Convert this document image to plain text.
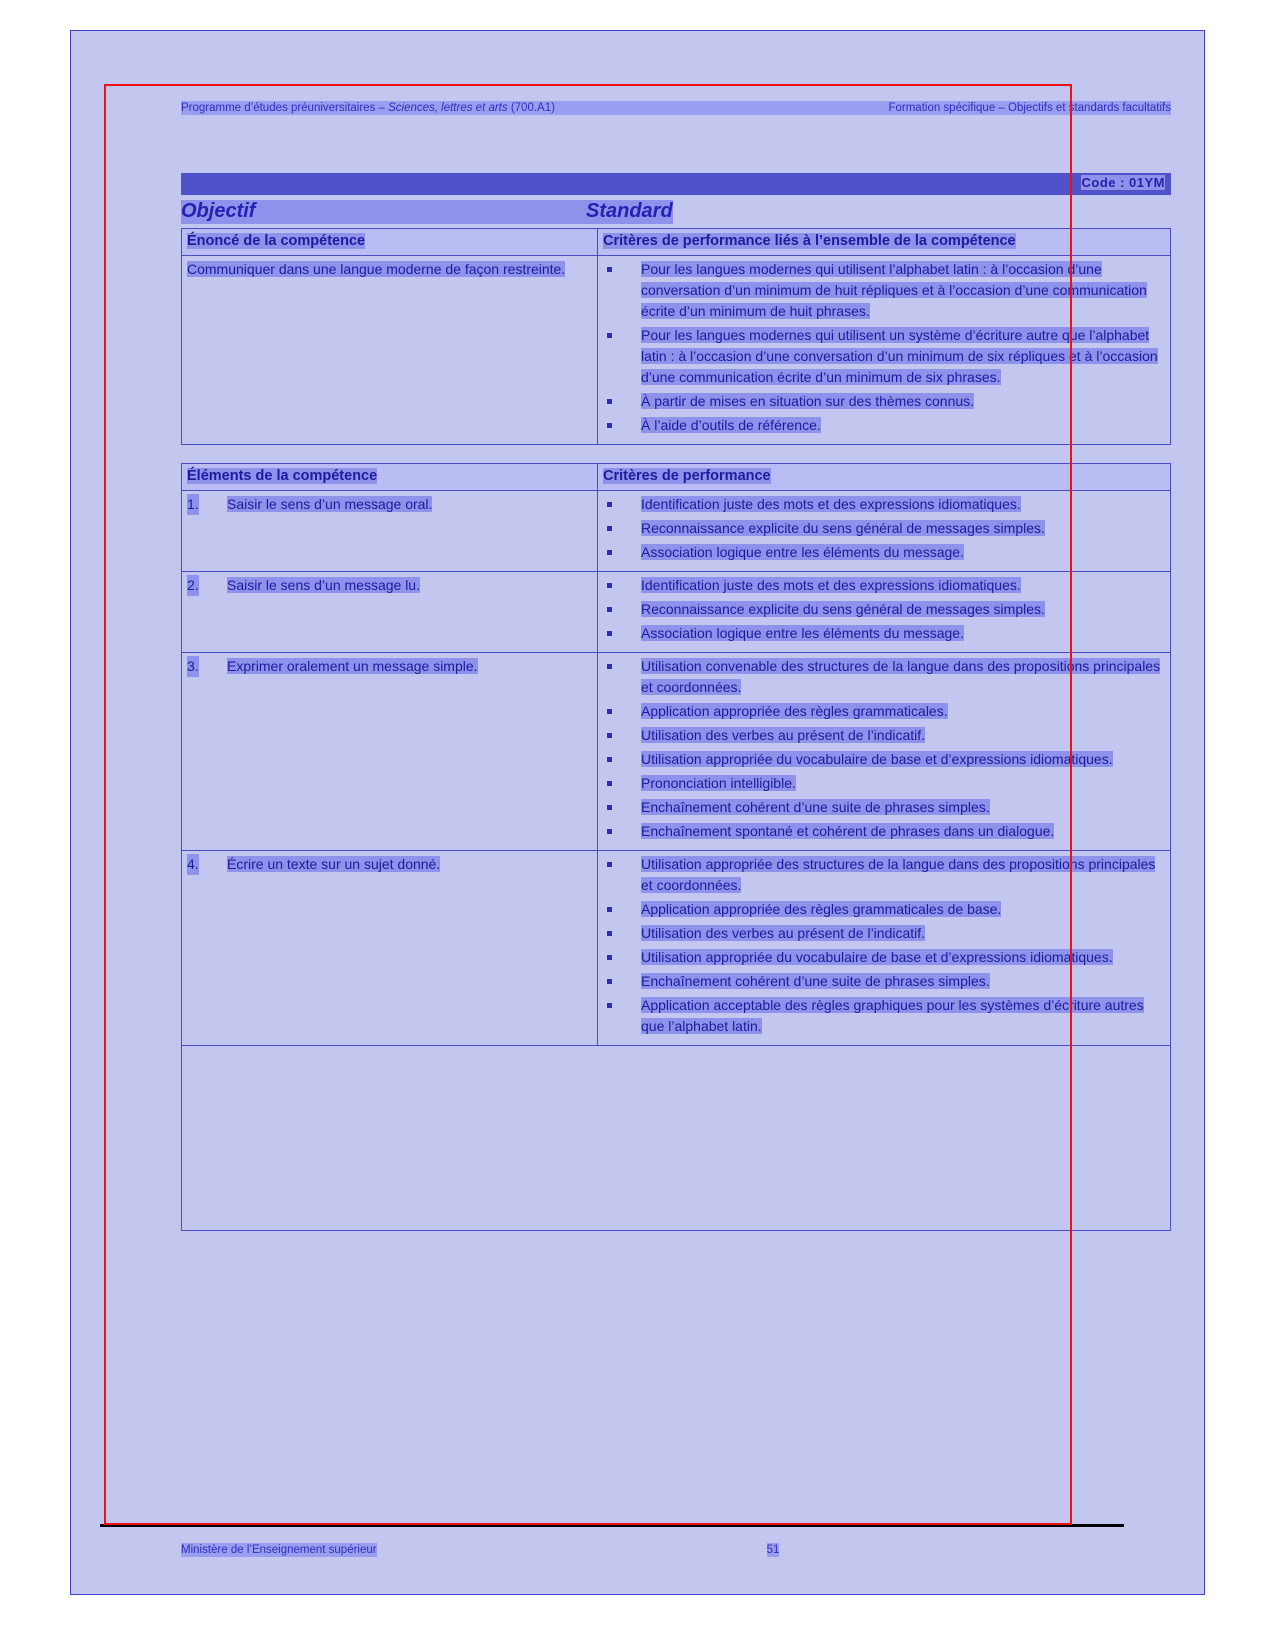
Programme d’études préuniversitaires – Sciences, lettres et arts (700.A1)	Formation spécifique – Objectifs et standards facultatifs
Code : 01YM
Objectif	Standard
Énoncé de la compétence	Critères de performance liés à l’ensemble de la compétence

Communiquer dans une langue moderne de façon restreinte.	Pour les langues modernes qui utilisent l’alphabet latin : à l’occasion d’une conversation d’un minimum de huit répliques et à l’occasion d’une communication écrite d’un minimum de huit phrases.
Pour les langues modernes qui utilisent un système d’écriture autre que l’alphabet latin : à l’occasion d’une conversation d’un minimum de six répliques et à l’occasion d’une communication écrite d’un minimum de six phrases.
À partir de mises en situation sur des thèmes connus.
À l’aide d’outils de référence.
Éléments de la compétence	Critères de performance

1. Saisir le sens d’un message oral.	Identification juste des mots et des expressions idiomatiques.
Reconnaissance explicite du sens général de messages simples.
Association logique entre les éléments du message.

2. Saisir le sens d’un message lu.	Identification juste des mots et des expressions idiomatiques.
Reconnaissance explicite du sens général de messages simples.
Association logique entre les éléments du message.

3. Exprimer oralement un message simple.	Utilisation convenable des structures de la langue dans des propositions principales et coordonnées.
Application appropriée des règles grammaticales.
Utilisation des verbes au présent de l’indicatif.
Utilisation appropriée du vocabulaire de base et d’expressions idiomatiques.
Prononciation intelligible.
Enchaînement cohérent d’une suite de phrases simples.
Enchaînement spontané et cohérent de phrases dans un dialogue.

4. Écrire un texte sur un sujet donné.	Utilisation appropriée des structures de la langue dans des propositions principales et coordonnées.
Application appropriée des règles grammaticales de base.
Utilisation des verbes au présent de l’indicatif.
Utilisation appropriée du vocabulaire de base et d’expressions idiomatiques.
Enchaînement cohérent d’une suite de phrases simples.
Application acceptable des règles graphiques pour les systèmes d’écriture autres que l’alphabet latin.
Ministère de l’Enseignement supérieur	51
